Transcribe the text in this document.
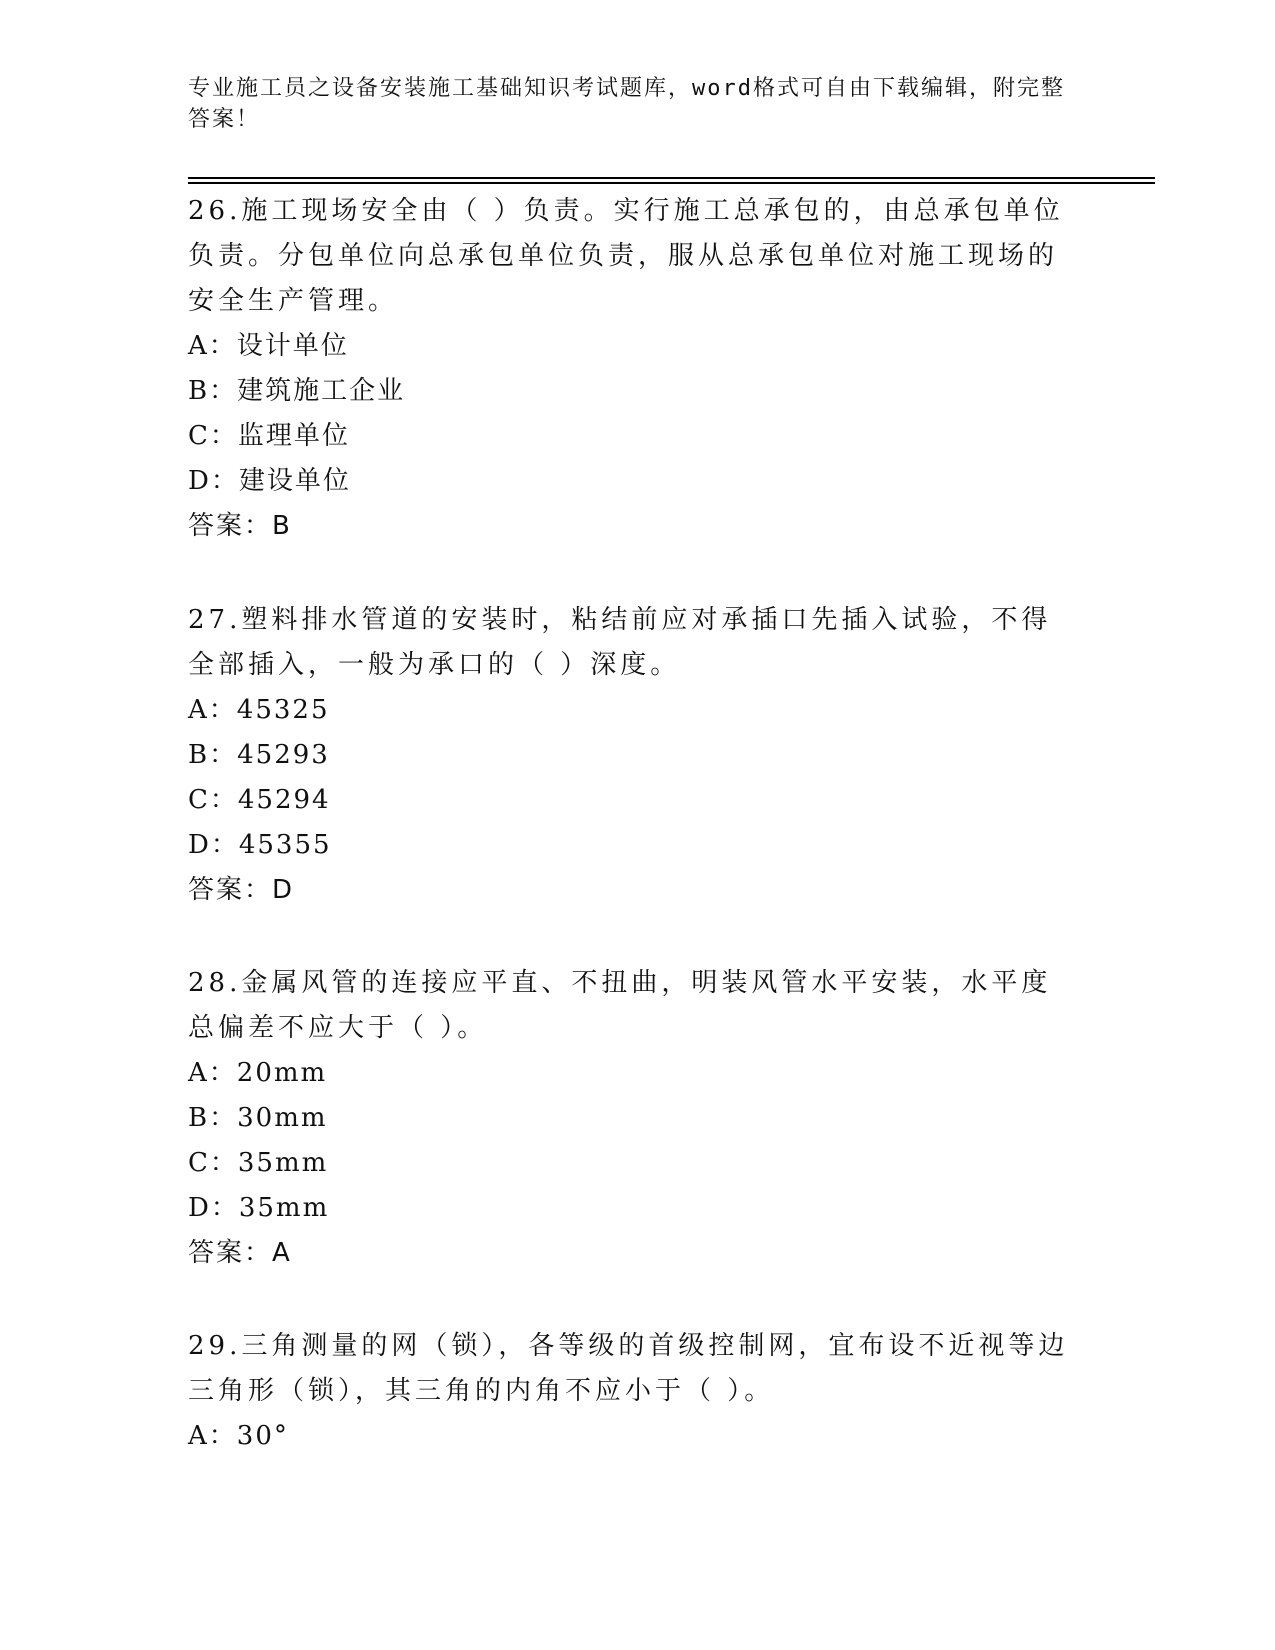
专业施工员之设备安装施工基础知识考试题库，word格式可自由下载编辑，附完整答案！

26.施工现场安全由（ ）负责。实行施工总承包的，由总承包单位负责。分包单位向总承包单位负责，服从总承包单位对施工现场的安全生产管理。

A：设计单位

B：建筑施工企业

C：监理单位

D：建设单位

答案：B

27.塑料排水管道的安装时，粘结前应对承插口先插入试验，不得全部插入，一般为承口的（ ）深度。

A：45325

B：45293

C：45294

D：45355

答案：D

28.金属风管的连接应平直、不扭曲，明装风管水平安装，水平度总偏差不应大于（ ）。

A：20mm

B：30mm

C：35mm

D：35mm

答案：A

29.三角测量的网（锁），各等级的首级控制网，宜布设不近视等边三角形（锁），其三角的内角不应小于（ ）。

A：30°
